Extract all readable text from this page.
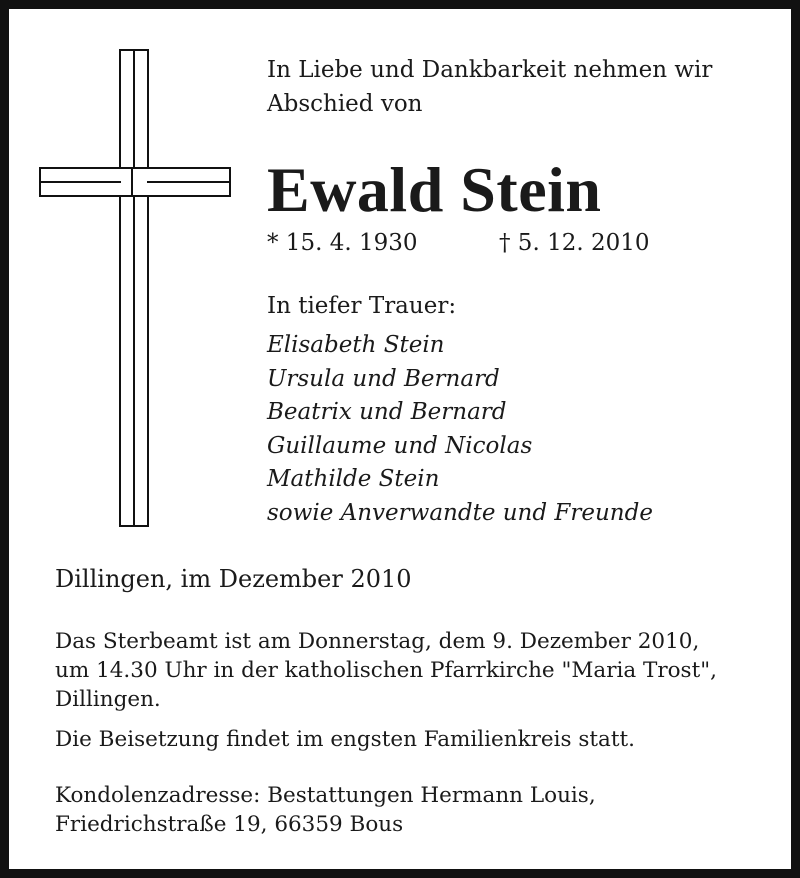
In Liebe und Dankbarkeit nehmen wir
Abschied von

Ewald Stein

* 15. 4. 1930	† 5. 12. 2010

In tiefer Trauer:

Elisabeth Stein
Ursula und Bernard
Beatrix und Bernard
Guillaume und Nicolas
Mathilde Stein
sowie Anverwandte und Freunde

Dillingen, im Dezember 2010

Das Sterbeamt ist am Donnerstag, dem 9. Dezember 2010,
um 14.30 Uhr in der katholischen Pfarrkirche "Maria Trost",
Dillingen.

Die Beisetzung findet im engsten Familienkreis statt.

Kondolenzadresse: Bestattungen Hermann Louis,
Friedrichstraße 19, 66359 Bous
